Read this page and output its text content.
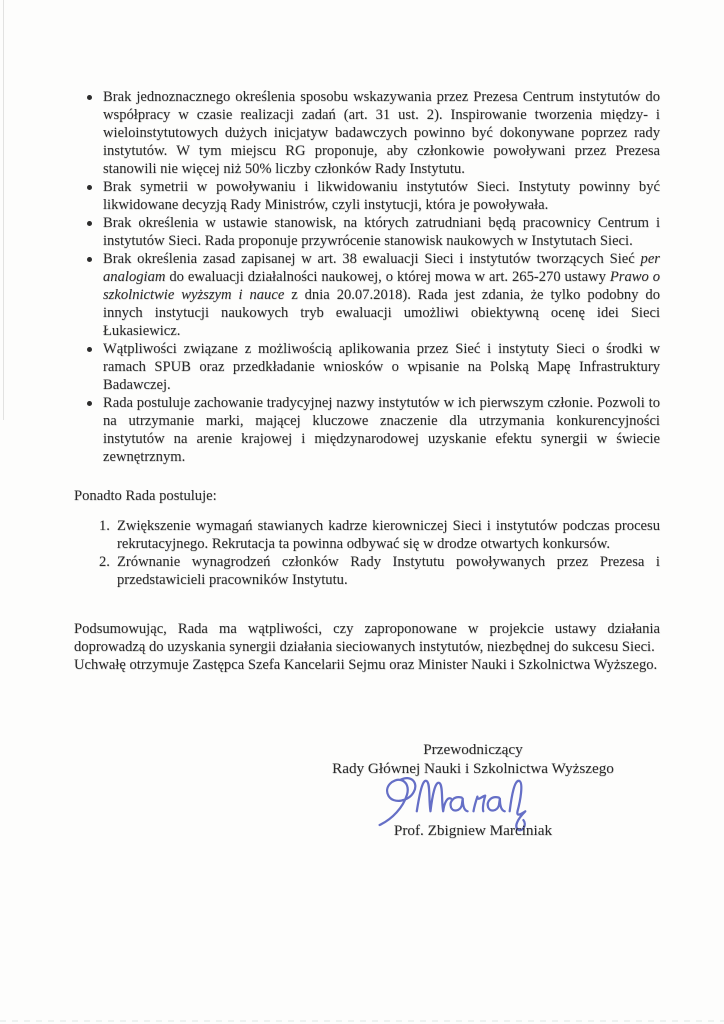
Brak jednoznacznego określenia sposobu wskazywania przez Prezesa Centrum instytutów do współpracy w czasie realizacji zadań (art. 31 ust. 2). Inspirowanie tworzenia między- i wieloinstytutowych dużych inicjatyw badawczych powinno być dokonywane poprzez rady instytutów. W tym miejscu RG proponuje, aby członkowie powoływani przez Prezesa stanowili nie więcej niż 50% liczby członków Rady Instytutu.
Brak symetrii w powoływaniu i likwidowaniu instytutów Sieci. Instytuty powinny być likwidowane decyzją Rady Ministrów, czyli instytucji, która je powoływała.
Brak określenia w ustawie stanowisk, na których zatrudniani będą pracownicy Centrum i instytutów Sieci. Rada proponuje przywrócenie stanowisk naukowych w Instytutach Sieci.
Brak określenia zasad zapisanej w art. 38 ewaluacji Sieci i instytutów tworzących Sieć per analogiam do ewaluacji działalności naukowej, o której mowa w art. 265-270 ustawy Prawo o szkolnictwie wyższym i nauce z dnia 20.07.2018). Rada jest zdania, że tylko podobny do innych instytucji naukowych tryb ewaluacji umożliwi obiektywną ocenę idei Sieci Łukasiewicz.
Wątpliwości związane z możliwością aplikowania przez Sieć i instytuty Sieci o środki w ramach SPUB oraz przedkładanie wniosków o wpisanie na Polską Mapę Infrastruktury Badawczej.
Rada postuluje zachowanie tradycyjnej nazwy instytutów w ich pierwszym członie. Pozwoli to na utrzymanie marki, mającej kluczowe znaczenie dla utrzymania konkurencyjności instytutów na arenie krajowej i międzynarodowej uzyskanie efektu synergii w świecie zewnętrznym.

Ponadto Rada postuluje:

1. Zwiększenie wymagań stawianych kadrze kierowniczej Sieci i instytutów podczas procesu rekrutacyjnego. Rekrutacja ta powinna odbywać się w drodze otwartych konkursów.
2. Zrównanie wynagrodzeń członków Rady Instytutu powoływanych przez Prezesa i przedstawicieli pracowników Instytutu.

Podsumowując, Rada ma wątpliwości, czy zaproponowane w projekcie ustawy działania doprowadzą do uzyskania synergii działania sieciowanych instytutów, niezbędnej do sukcesu Sieci.

Uchwałę otrzymuje Zastępca Szefa Kancelarii Sejmu oraz Minister Nauki i Szkolnictwa Wyższego.

Przewodniczący
Rady Głównej Nauki i Szkolnictwa Wyższego
Prof. Zbigniew Marciniak
